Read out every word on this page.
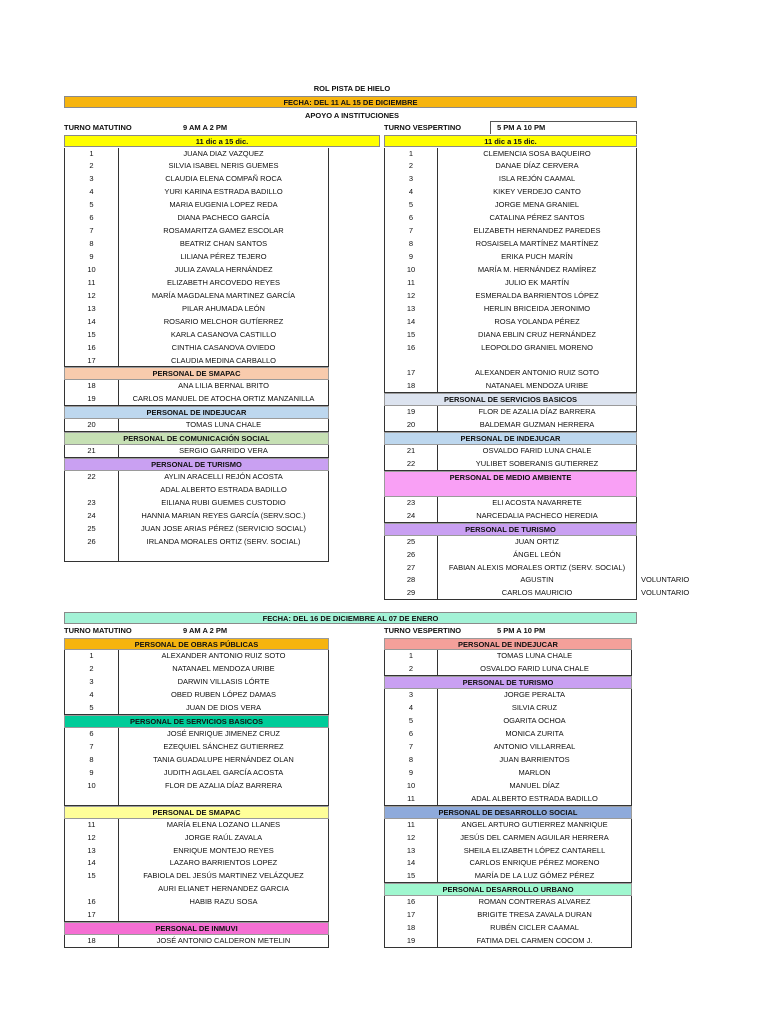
ROL PISTA DE HIELO
FECHA: DEL 11 AL 15 DE DICIEMBRE
APOYO A INSTITUCIONES
TURNO MATUTINO	9 AM A 2 PM	TURNO VESPERTINO	5 PM A 10 PM
11 dic a 15 dic.	11 dic a 15 dic.
1	JUANA DIAZ VAZQUEZ
2	SILVIA ISABEL NERIS GUEMES
3	CLAUDIA ELENA COMPAÑ ROCA
4	YURI KARINA ESTRADA BADILLO
5	MARIA EUGENIA LOPEZ REDA
6	DIANA PACHECO GARCÍA
7	ROSAMARITZA GAMEZ ESCOLAR
8	BEATRIZ CHAN SANTOS
9	LILIANA PÉREZ TEJERO
10	JULIA ZAVALA HERNÁNDEZ
11	ELIZABETH ARCOVEDO REYES
12	MARÍA MAGDALENA MARTINEZ GARCÍA
13	PILAR AHUMADA LEÓN
14	ROSARIO MELCHOR GUTÍERREZ
15	KARLA CASANOVA CASTILLO
16	CINTHIA CASANOVA OVIEDO
17	CLAUDIA MEDINA CARBALLO
PERSONAL DE SMAPAC
18	ANA LILIA BERNAL BRITO
19	CARLOS MANUEL DE ATOCHA ORTIZ MANZANILLA
PERSONAL DE INDEJUCAR
20	TOMAS LUNA CHALE
PERSONAL DE COMUNICACIÓN SOCIAL
21	SERGIO GARRIDO VERA
PERSONAL DE TURISMO
22	AYLIN ARACELLI REJÓN ACOSTA
ADAL ALBERTO ESTRADA BADILLO
23	EILIANA RUBI GUEMES CUSTODIO
24	HANNIA MARIAN REYES GARCÍA (SERV.SOC.)
25	JUAN JOSE ARIAS PÉREZ (SERVICIO SOCIAL)
26	IRLANDA MORALES ORTIZ (SERV. SOCIAL)
1	CLEMENCIA SOSA BAQUEIRO
2	DANAE DÍAZ CERVERA
3	ISLA REJÓN CAAMAL
4	KIKEY VERDEJO CANTO
5	JORGE MENA GRANIEL
6	CATALINA PÉREZ SANTOS
7	ELIZABETH HERNANDEZ PAREDES
8	ROSAISELA MARTÍNEZ MARTÍNEZ
9	ERIKA PUCH MARÍN
10	MARÍA M. HERNÁNDEZ RAMÍREZ
11	JULIO EK MARTÍN
12	ESMERALDA BARRIENTOS LÓPEZ
13	HERLIN BRICEIDA JERONIMO
14	ROSA YOLANDA PÉREZ
15	DIANA EBLIN CRUZ HERNÁNDEZ
16	LEOPOLDO GRANIEL MORENO
17	ALEXANDER ANTONIO RUIZ SOTO
18	NATANAEL MENDOZA URIBE
PERSONAL DE SERVICIOS BASICOS
19	FLOR DE AZALIA DÍAZ BARRERA
20	BALDEMAR GUZMAN HERRERA
PERSONAL DE INDEJUCAR
21	OSVALDO FARID LUNA CHALE
22	YULIBET SOBERANIS GUTIERREZ
PERSONAL DE MEDIO AMBIENTE
23	ELI ACOSTA NAVARRETE
24	NARCEDALIA PACHECO HEREDIA
PERSONAL DE TURISMO
25	JUAN ORTIZ
26	ÁNGEL LEÓN
27	FABIAN ALEXIS MORALES ORTIZ (SERV. SOCIAL)
28	AGUSTIN	VOLUNTARIO
29	CARLOS MAURICIO	VOLUNTARIO
FECHA: DEL 16 DE DICIEMBRE AL 07 DE ENERO
TURNO MATUTINO	9 AM A 2 PM	TURNO VESPERTINO	5 PM A 10 PM
PERSONAL DE OBRAS PÚBLICAS
1	ALEXANDER ANTONIO RUIZ SOTO
2	NATANAEL MENDOZA URIBE
3	DARWIN VILLASIS LÓRTE
4	OBED RUBEN LÓPEZ DAMAS
5	JUAN DE DIOS VERA
PERSONAL DE SERVICIOS BASICOS
6	JOSÉ ENRIQUE JIMENEZ CRUZ
7	EZEQUIEL SÁNCHEZ GUTIERREZ
8	TANIA GUADALUPE HERNÁNDEZ OLAN
9	JUDITH AGLAEL GARCÍA ACOSTA
10	FLOR DE AZALIA DÍAZ BARRERA
PERSONAL DE SMAPAC
11	MARÍA ELENA LOZANO LLANES
12	JORGE RAÚL ZAVALA
13	ENRIQUE MONTEJO REYES
14	LAZARO BARRIENTOS LOPEZ
15	FABIOLA DEL JESÚS MARTINEZ VELÁZQUEZ
AURI ELIANET HERNANDEZ GARCIA
16	HABIB RAZU SOSA
17
PERSONAL DE INMUVI
18	JOSÉ ANTONIO CALDERON METELIN
PERSONAL DE INDEJUCAR
1	TOMAS LUNA CHALE
2	OSVALDO FARID LUNA CHALE
PERSONAL DE TURISMO
3	JORGE PERALTA
4	SILVIA CRUZ
5	OGARITA OCHOA
6	MONICA ZURITA
7	ANTONIO VILLARREAL
8	JUAN BARRIENTOS
9	MARLON
10	MANUEL DÍAZ
11	ADAL ALBERTO ESTRADA BADILLO
PERSONAL DE DESARROLLO SOCIAL
11	ANGEL ARTURO GUTIERREZ MANRIQUE
12	JESÚS DEL CARMEN AGUILAR HERRERA
13	SHEILA ELIZABETH LÓPEZ CANTARELL
14	CARLOS ENRIQUE PÉREZ MORENO
15	MARÍA DE LA LUZ GÓMEZ PÉREZ
PERSONAL DESARROLLO URBANO
16	ROMAN CONTRERAS ALVAREZ
17	BRIGITE TRESA ZAVALA DURAN
18	RUBÉN CICLER CAAMAL
19	FATIMA DEL CARMEN COCOM J.
